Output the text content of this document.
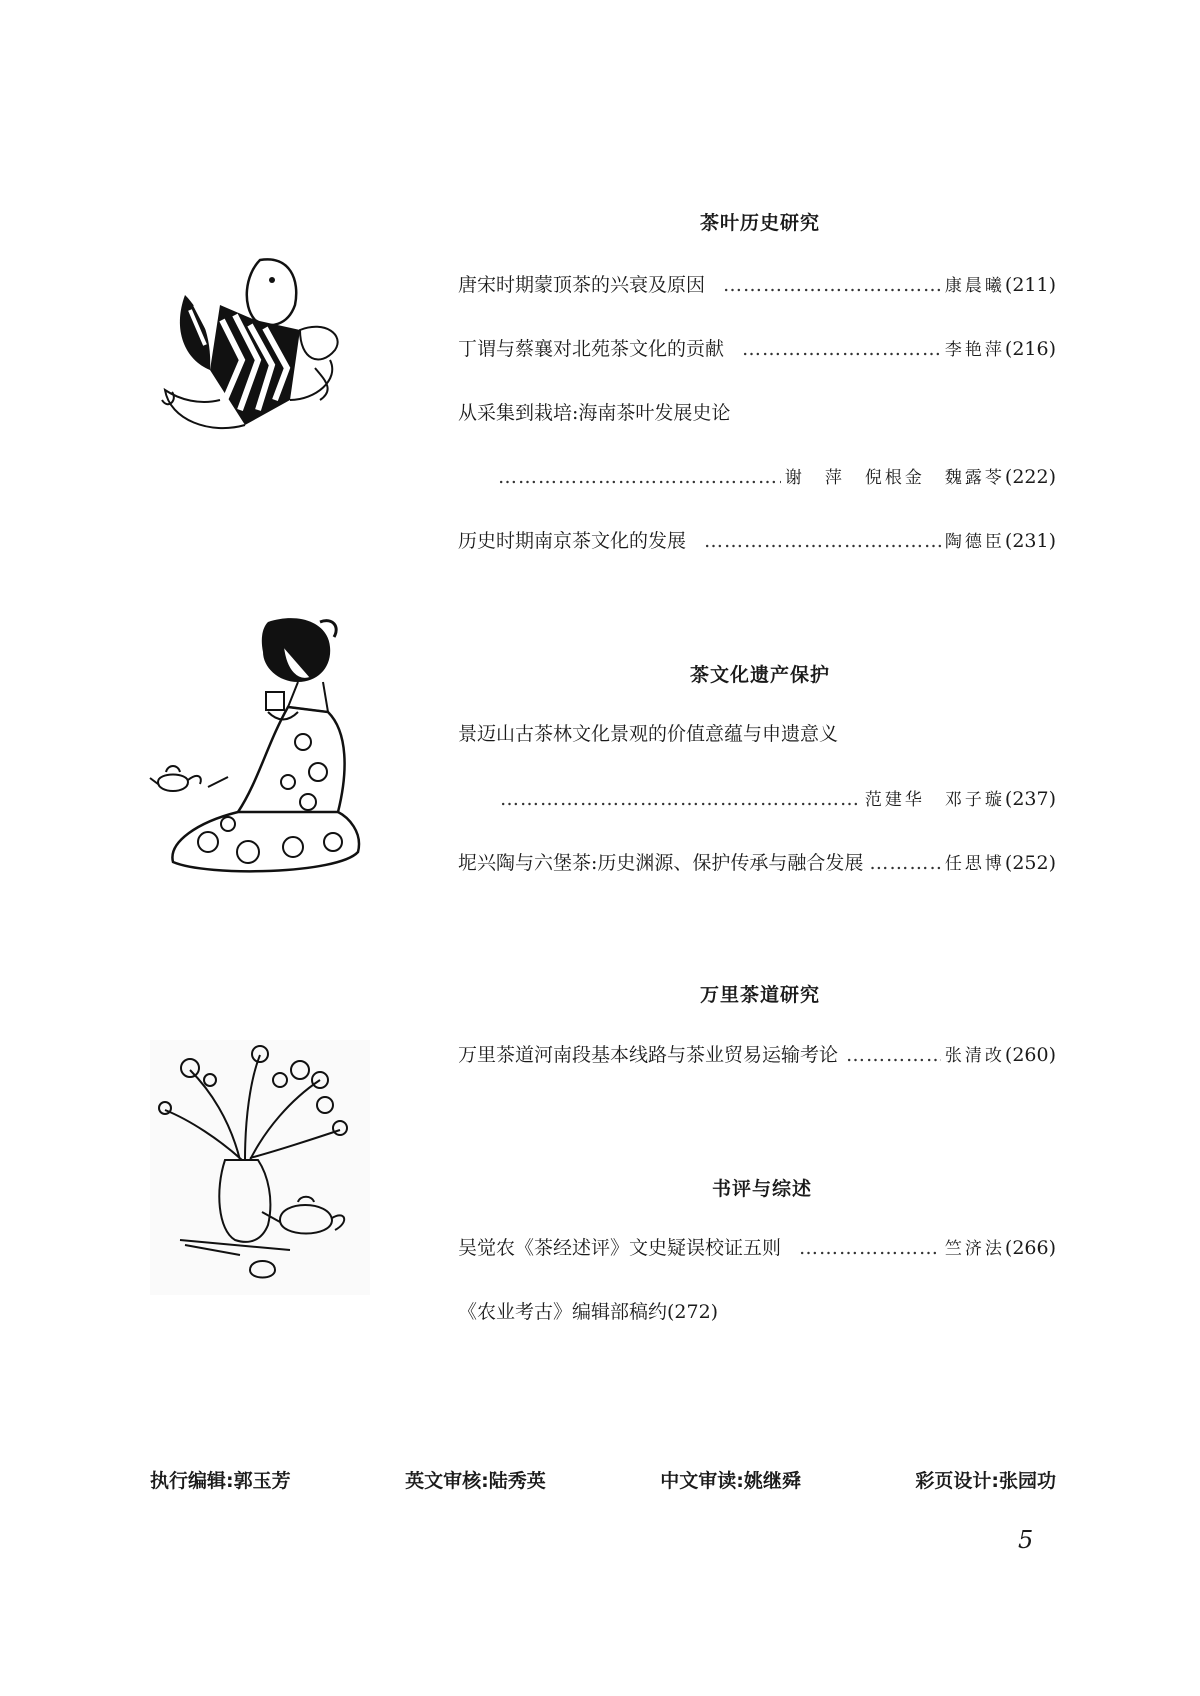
茶叶历史研究
唐宋时期蒙顶茶的兴衰及原因 …………………………………………………………………………………………………………………………………………………	康晨曦 (211)
丁谓与蔡襄对北苑茶文化的贡献 …………………………………………………………………………………………………………………………………………………	李艳萍 (216)
从采集到栽培:海南茶叶发展史论
…………………………………………………………………………………………………………………………………………………
谢　萍　倪根金　魏露苓 (222)
历史时期南京茶文化的发展 …………………………………………………………………………………………………………………………………………………	陶德臣 (231)
茶文化遗产保护
景迈山古茶林文化景观的价值意蕴与申遗意义
…………………………………………………………………………………………………………………………………………………
范建华　邓子璇 (237)
坭兴陶与六堡茶:历史渊源、保护传承与融合发展 …………………………………………………………………………………………………………………………………………………	任思博 (252)
万里茶道研究
万里茶道河南段基本线路与茶业贸易运输考论 …………………………………………………………………………………………………………………………………………………	张清改 (260)
书评与综述
吴觉农《茶经述评》文史疑误校证五则 …………………………………………………………………………………………………………………………………………………	竺济法 (266)
《农业考古》编辑部稿约(272)
执行编辑:郭玉芳	英文审核:陆秀英	中文审读:姚继舜	彩页设计:张园功
5
